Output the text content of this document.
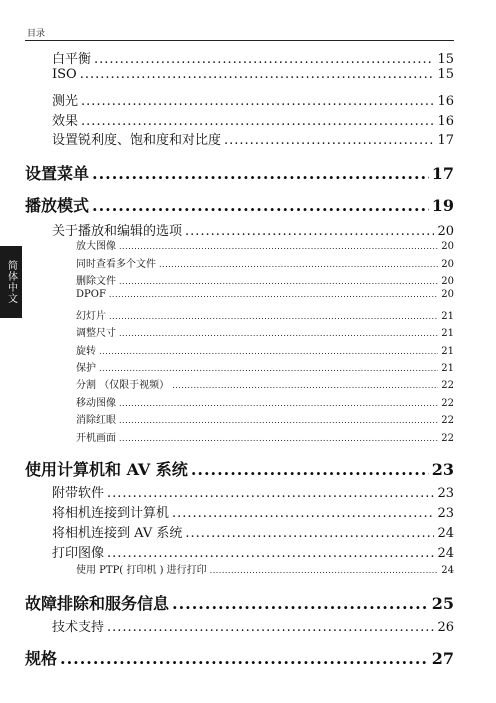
目录
简体中文
白平衡 .....	15
ISO .....	15
测光 .....	16
效果 .....	16
设置锐利度、饱和度和对比度 .....	17
设置菜单 .....	17
播放模式 .....	19
关于播放和编辑的选项 .....	20
放大图像 .....	20
同时查看多个文件 .....	20
删除文件 .....	20
DPOF .....	20
幻灯片 .....	21
调整尺寸 .....	21
旋转 .....	21
保护 .....	21
分割 （仅限于视频） .....	22
移动图像 .....	22
消除红眼 .....	22
开机画面 .....	22
使用计算机和 AV 系统 .....	23
附带软件 .....	23
将相机连接到计算机 .....	23
将相机连接到 AV 系统 .....	24
打印图像 .....	24
使用 PTP( 打印机 ) 进行打印 .....	24
故障排除和服务信息 .....	25
技术支持 .....	26
规格 .....	27
